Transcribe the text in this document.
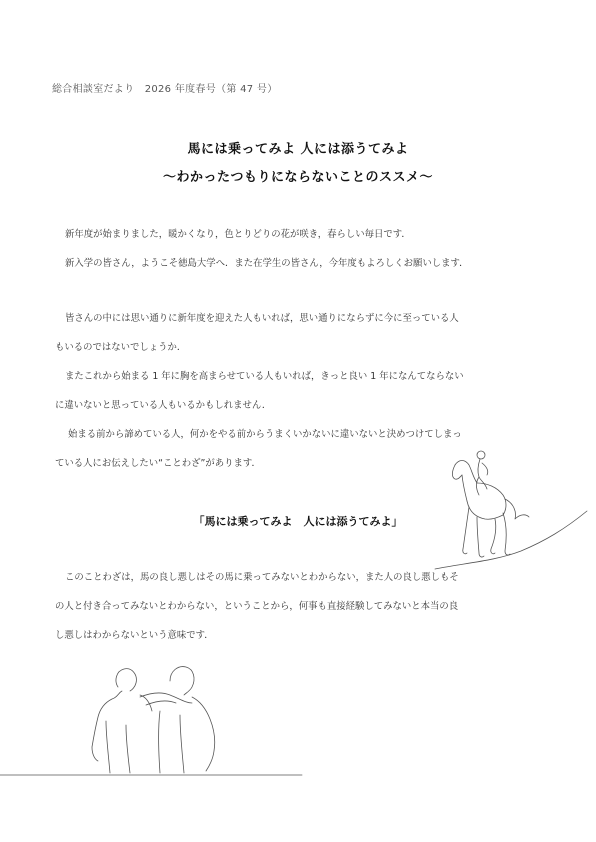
総合相談室だより　2026 年度春号（第 47 号）
馬には乗ってみよ 人には添うてみよ
〜わかったつもりにならないことのススメ〜
新年度が始まりました，暖かくなり，色とりどりの花が咲き，春らしい毎日です．
新入学の皆さん，ようこそ徳島大学へ．また在学生の皆さん，今年度もよろしくお願いします．
皆さんの中には思い通りに新年度を迎えた人もいれば，思い通りにならずに今に至っている人
もいるのではないでしょうか．
またこれから始まる 1 年に胸を高まらせている人もいれば，きっと良い 1 年になんてならない
に違いないと思っている人もいるかもしれません．
始まる前から諦めている人，何かをやる前からうまくいかないに違いないと決めつけてしまっ
ている人にお伝えしたい“ことわざ”があります．
「馬には乗ってみよ　人には添うてみよ」
このことわざは，馬の良し悪しはその馬に乗ってみないとわからない，また人の良し悪しもそ
の人と付き合ってみないとわからない，ということから，何事も直接経験してみないと本当の良
し悪しはわからないという意味です．
